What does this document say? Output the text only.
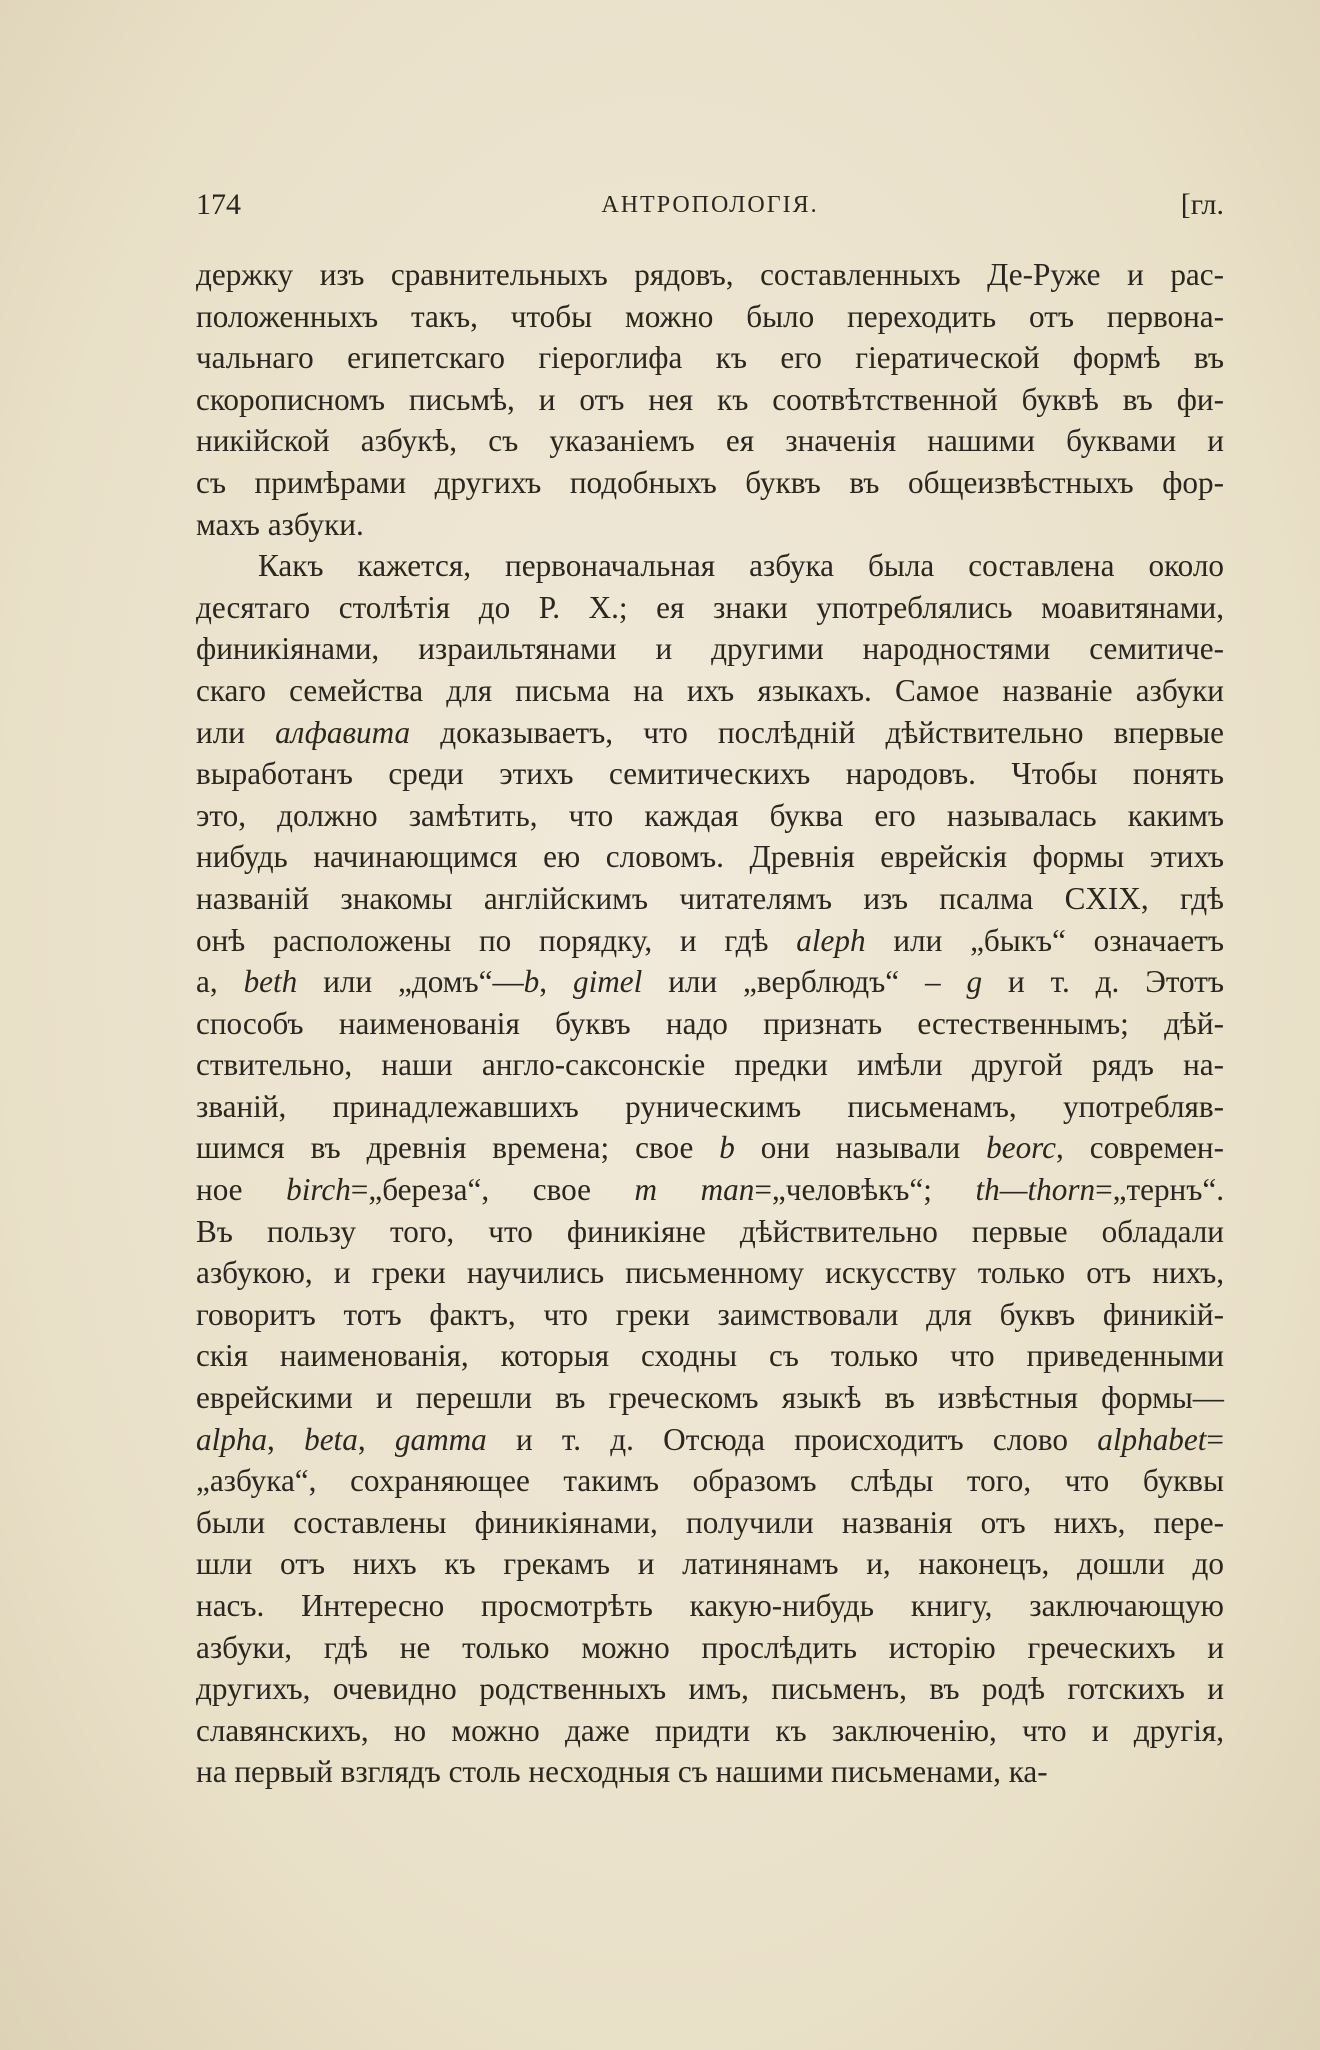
174	АНТРОПОЛОГІЯ.	[гл.
держку изъ сравнительныхъ рядовъ, составленныхъ Де-Руже и рас-
положенныхъ такъ, чтобы можно было переходить отъ первона-
чальнаго египетскаго гіероглифа къ его гіератической формѣ въ
скорописномъ письмѣ, и отъ нея къ соотвѣтственной буквѣ въ фи-
никійской азбукѣ, съ указаніемъ ея значенія нашими буквами и
съ примѣрами другихъ подобныхъ буквъ въ общеизвѣстныхъ фор-
махъ азбуки.
Какъ кажется, первоначальная азбука была составлена около
десятаго столѣтія до Р. Х.; ея знаки употреблялись моавитянами,
финикіянами, израильтянами и другими народностями семитиче-
скаго семейства для письма на ихъ языкахъ. Самое названіе азбуки
или алфавита доказываетъ, что послѣдній дѣйствительно впервые
выработанъ среди этихъ семитическихъ народовъ. Чтобы понять
это, должно замѣтить, что каждая буква его называлась какимъ
нибудь начинающимся ею словомъ. Древнія еврейскія формы этихъ
названій знакомы англійскимъ читателямъ изъ псалма CXIX, гдѣ
онѣ расположены по порядку, и гдѣ aleph или „быкъ“ означаетъ
a, beth или „домъ“—b, gimel или „верблюдъ“ – g и т. д. Этотъ
способъ наименованія буквъ надо признать естественнымъ; дѣй-
ствительно, наши англо-саксонскіе предки имѣли другой рядъ на-
званій, принадлежавшихъ руническимъ письменамъ, употребляв-
шимся въ древнія времена; свое b они называли beorc, современ-
ное birch=„береза“, свое m man=„человѣкъ“; th—thorn=„тернъ“.
Въ пользу того, что финикіяне дѣйствительно первые обладали
азбукою, и греки научились письменному искусству только отъ нихъ,
говоритъ тотъ фактъ, что греки заимствовали для буквъ финикій-
скія наименованія, которыя сходны съ только что приведенными
еврейскими и перешли въ греческомъ языкѣ въ извѣстныя формы—
alpha, beta, gamma и т. д. Отсюда происходитъ слово alphabet=
„азбука“, сохраняющее такимъ образомъ слѣды того, что буквы
были составлены финикіянами, получили названія отъ нихъ, пере-
шли отъ нихъ къ грекамъ и латинянамъ и, наконецъ, дошли до
насъ. Интересно просмотрѣть какую-нибудь книгу, заключающую
азбуки, гдѣ не только можно прослѣдить исторію греческихъ и
другихъ, очевидно родственныхъ имъ, письменъ, въ родѣ готскихъ и
славянскихъ, но можно даже придти къ заключенію, что и другія,
на первый взглядъ столь несходныя съ нашими письменами, ка-
